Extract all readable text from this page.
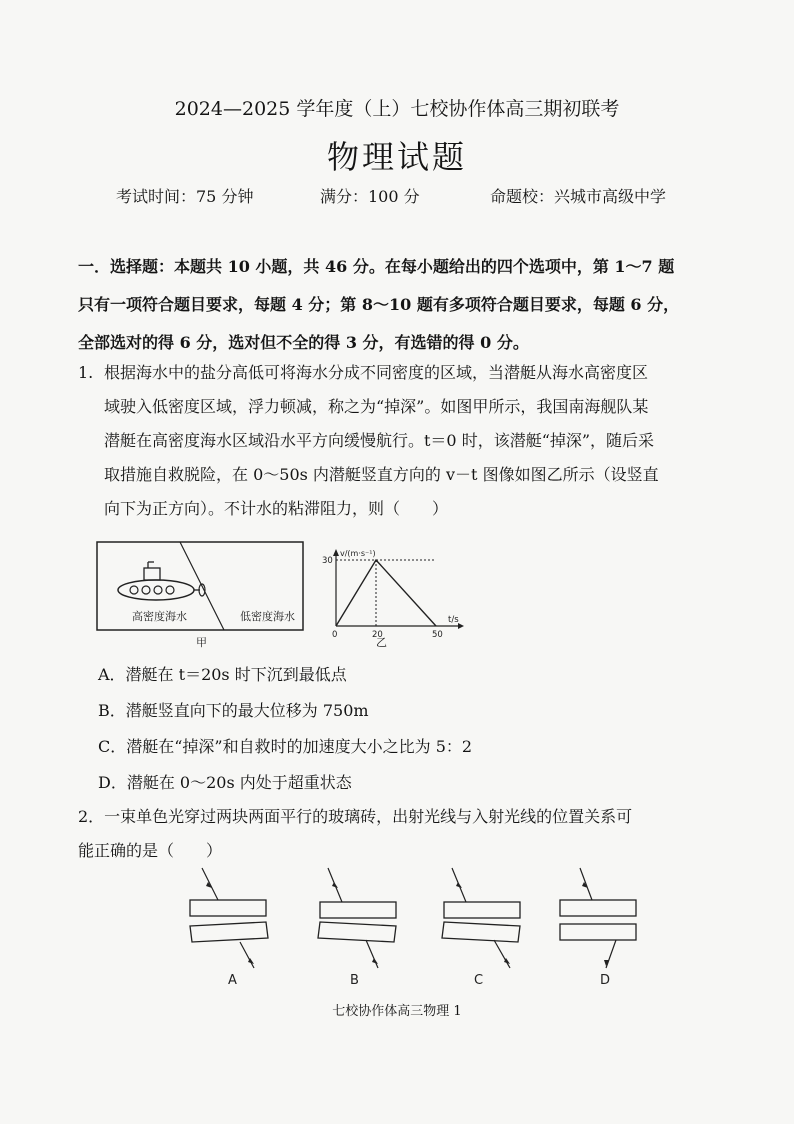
2024—2025 学年度（上）七校协作体高三期初联考
物理试题
考试时间：75 分钟	满分：100 分	命题校：兴城市高级中学
一．选择题：本题共 10 小题，共 46 分。在每小题给出的四个选项中，第 1～7 题
只有一项符合题目要求，每题 4 分；第 8～10 题有多项符合题目要求，每题 6 分，
全部选对的得 6 分，选对但不全的得 3 分，有选错的得 0 分。
1. 根据海水中的盐分高低可将海水分成不同密度的区域，当潜艇从海水高密度区
域驶入低密度区域，浮力顿减，称之为“掉深”。如图甲所示，我国南海舰队某
潜艇在高密度海水区域沿水平方向缓慢航行。t＝0 时，该潜艇“掉深”，随后采
取措施自救脱险，在 0～50s 内潜艇竖直方向的 v－t 图像如图乙所示（设竖直
向下为正方向）。不计水的粘滞阻力，则（　　）
高密度海水	低密度海水
甲
v/(m·s⁻¹)
t/s
30
0	20	50
乙
A．潜艇在 t＝20s 时下沉到最低点
B．潜艇竖直向下的最大位移为 750m
C．潜艇在“掉深”和自救时的加速度大小之比为 5：2
D．潜艇在 0～20s 内处于超重状态
2．一束单色光穿过两块两面平行的玻璃砖，出射光线与入射光线的位置关系可
能正确的是（　　）
A	B	C	D
七校协作体高三物理 1
